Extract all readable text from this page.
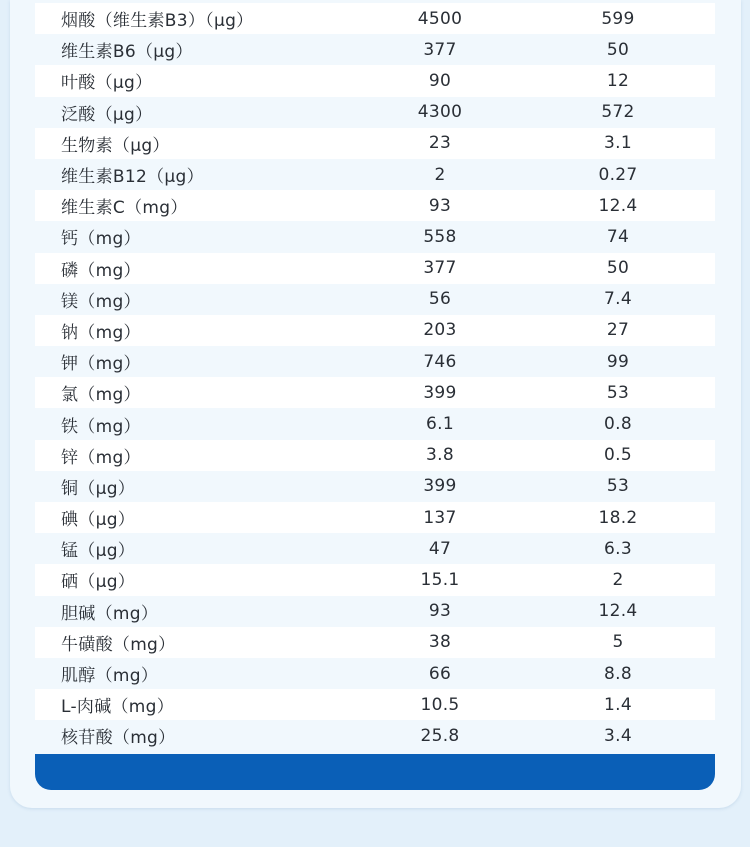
烟酸（维生素B3）（μg）	4500	599
维生素B6（μg）	377	50
叶酸（μg）	90	12
泛酸（μg）	4300	572
生物素（μg）	23	3.1
维生素B12（μg）	2	0.27
维生素C（mg）	93	12.4
钙（mg）	558	74
磷（mg）	377	50
镁（mg）	56	7.4
钠（mg）	203	27
钾（mg）	746	99
氯（mg）	399	53
铁（mg）	6.1	0.8
锌（mg）	3.8	0.5
铜（μg）	399	53
碘（μg）	137	18.2
锰（μg）	47	6.3
硒（μg）	15.1	2
胆碱（mg）	93	12.4
牛磺酸（mg）	38	5
肌醇（mg）	66	8.8
L-肉碱（mg）	10.5	1.4
核苷酸（mg）	25.8	3.4
